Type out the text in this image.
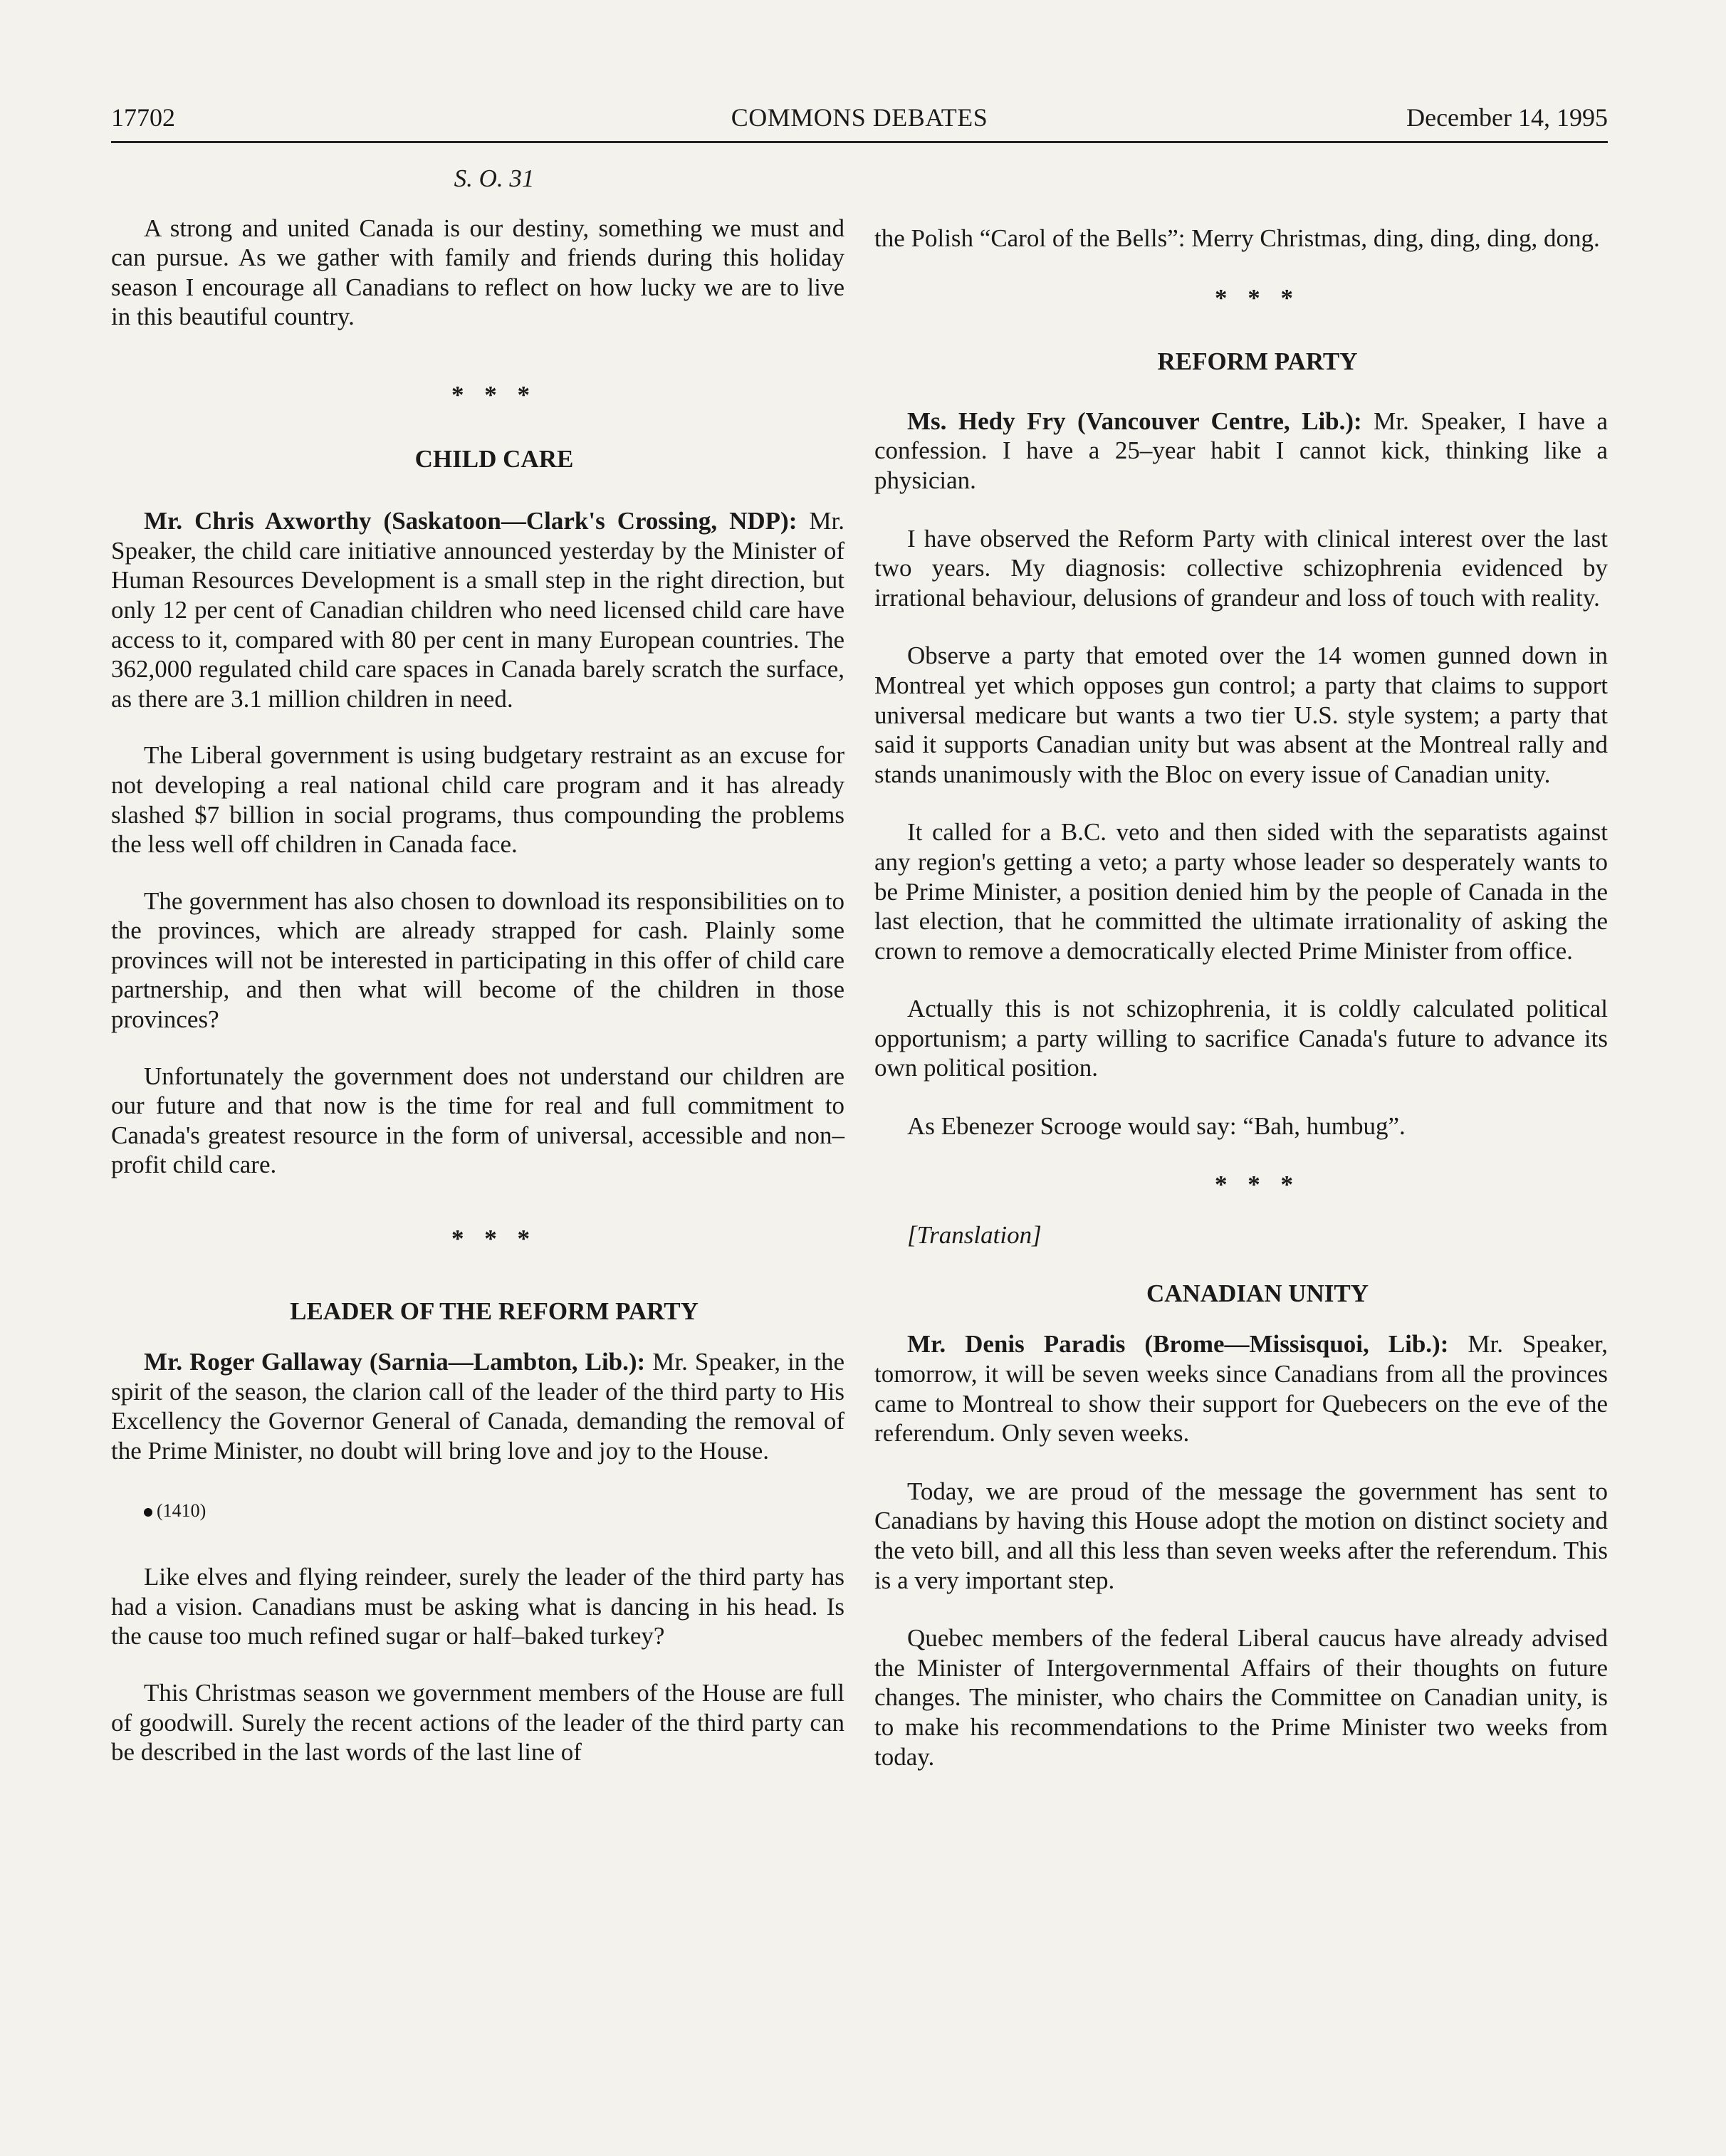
17702	COMMONS DEBATES	December 14, 1995

S. O. 31

A strong and united Canada is our destiny, something we must and can pursue. As we gather with family and friends during this holiday season I encourage all Canadians to reflect on how lucky we are to live in this beautiful country.

* * *

CHILD CARE

Mr. Chris Axworthy (Saskatoon—Clark's Crossing, NDP): Mr. Speaker, the child care initiative announced yesterday by the Minister of Human Resources Development is a small step in the right direction, but only 12 per cent of Canadian children who need licensed child care have access to it, compared with 80 per cent in many European countries. The 362,000 regulated child care spaces in Canada barely scratch the surface, as there are 3.1 million children in need.

The Liberal government is using budgetary restraint as an excuse for not developing a real national child care program and it has already slashed $7 billion in social programs, thus compounding the problems the less well off children in Canada face.

The government has also chosen to download its responsibilities on to the provinces, which are already strapped for cash. Plainly some provinces will not be interested in participating in this offer of child care partnership, and then what will become of the children in those provinces?

Unfortunately the government does not understand our children are our future and that now is the time for real and full commitment to Canada's greatest resource in the form of universal, accessible and non–profit child care.

* * *

LEADER OF THE REFORM PARTY

Mr. Roger Gallaway (Sarnia—Lambton, Lib.): Mr. Speaker, in the spirit of the season, the clarion call of the leader of the third party to His Excellency the Governor General of Canada, demanding the removal of the Prime Minister, no doubt will bring love and joy to the House.

(1410)

Like elves and flying reindeer, surely the leader of the third party has had a vision. Canadians must be asking what is dancing in his head. Is the cause too much refined sugar or half–baked turkey?

This Christmas season we government members of the House are full of goodwill. Surely the recent actions of the leader of the third party can be described in the last words of the last line of

the Polish “Carol of the Bells”: Merry Christmas, ding, ding, ding, dong.

* * *

REFORM PARTY

Ms. Hedy Fry (Vancouver Centre, Lib.): Mr. Speaker, I have a confession. I have a 25–year habit I cannot kick, thinking like a physician.

I have observed the Reform Party with clinical interest over the last two years. My diagnosis: collective schizophrenia evidenced by irrational behaviour, delusions of grandeur and loss of touch with reality.

Observe a party that emoted over the 14 women gunned down in Montreal yet which opposes gun control; a party that claims to support universal medicare but wants a two tier U.S. style system; a party that said it supports Canadian unity but was absent at the Montreal rally and stands unanimously with the Bloc on every issue of Canadian unity.

It called for a B.C. veto and then sided with the separatists against any region's getting a veto; a party whose leader so desperately wants to be Prime Minister, a position denied him by the people of Canada in the last election, that he committed the ultimate irrationality of asking the crown to remove a democratically elected Prime Minister from office.

Actually this is not schizophrenia, it is coldly calculated political opportunism; a party willing to sacrifice Canada's future to advance its own political position.

As Ebenezer Scrooge would say: “Bah, humbug”.

* * *

[Translation]

CANADIAN UNITY

Mr. Denis Paradis (Brome—Missisquoi, Lib.): Mr. Speaker, tomorrow, it will be seven weeks since Canadians from all the provinces came to Montreal to show their support for Quebecers on the eve of the referendum. Only seven weeks.

Today, we are proud of the message the government has sent to Canadians by having this House adopt the motion on distinct society and the veto bill, and all this less than seven weeks after the referendum. This is a very important step.

Quebec members of the federal Liberal caucus have already advised the Minister of Intergovernmental Affairs of their thoughts on future changes. The minister, who chairs the Committee on Canadian unity, is to make his recommendations to the Prime Minister two weeks from today.
